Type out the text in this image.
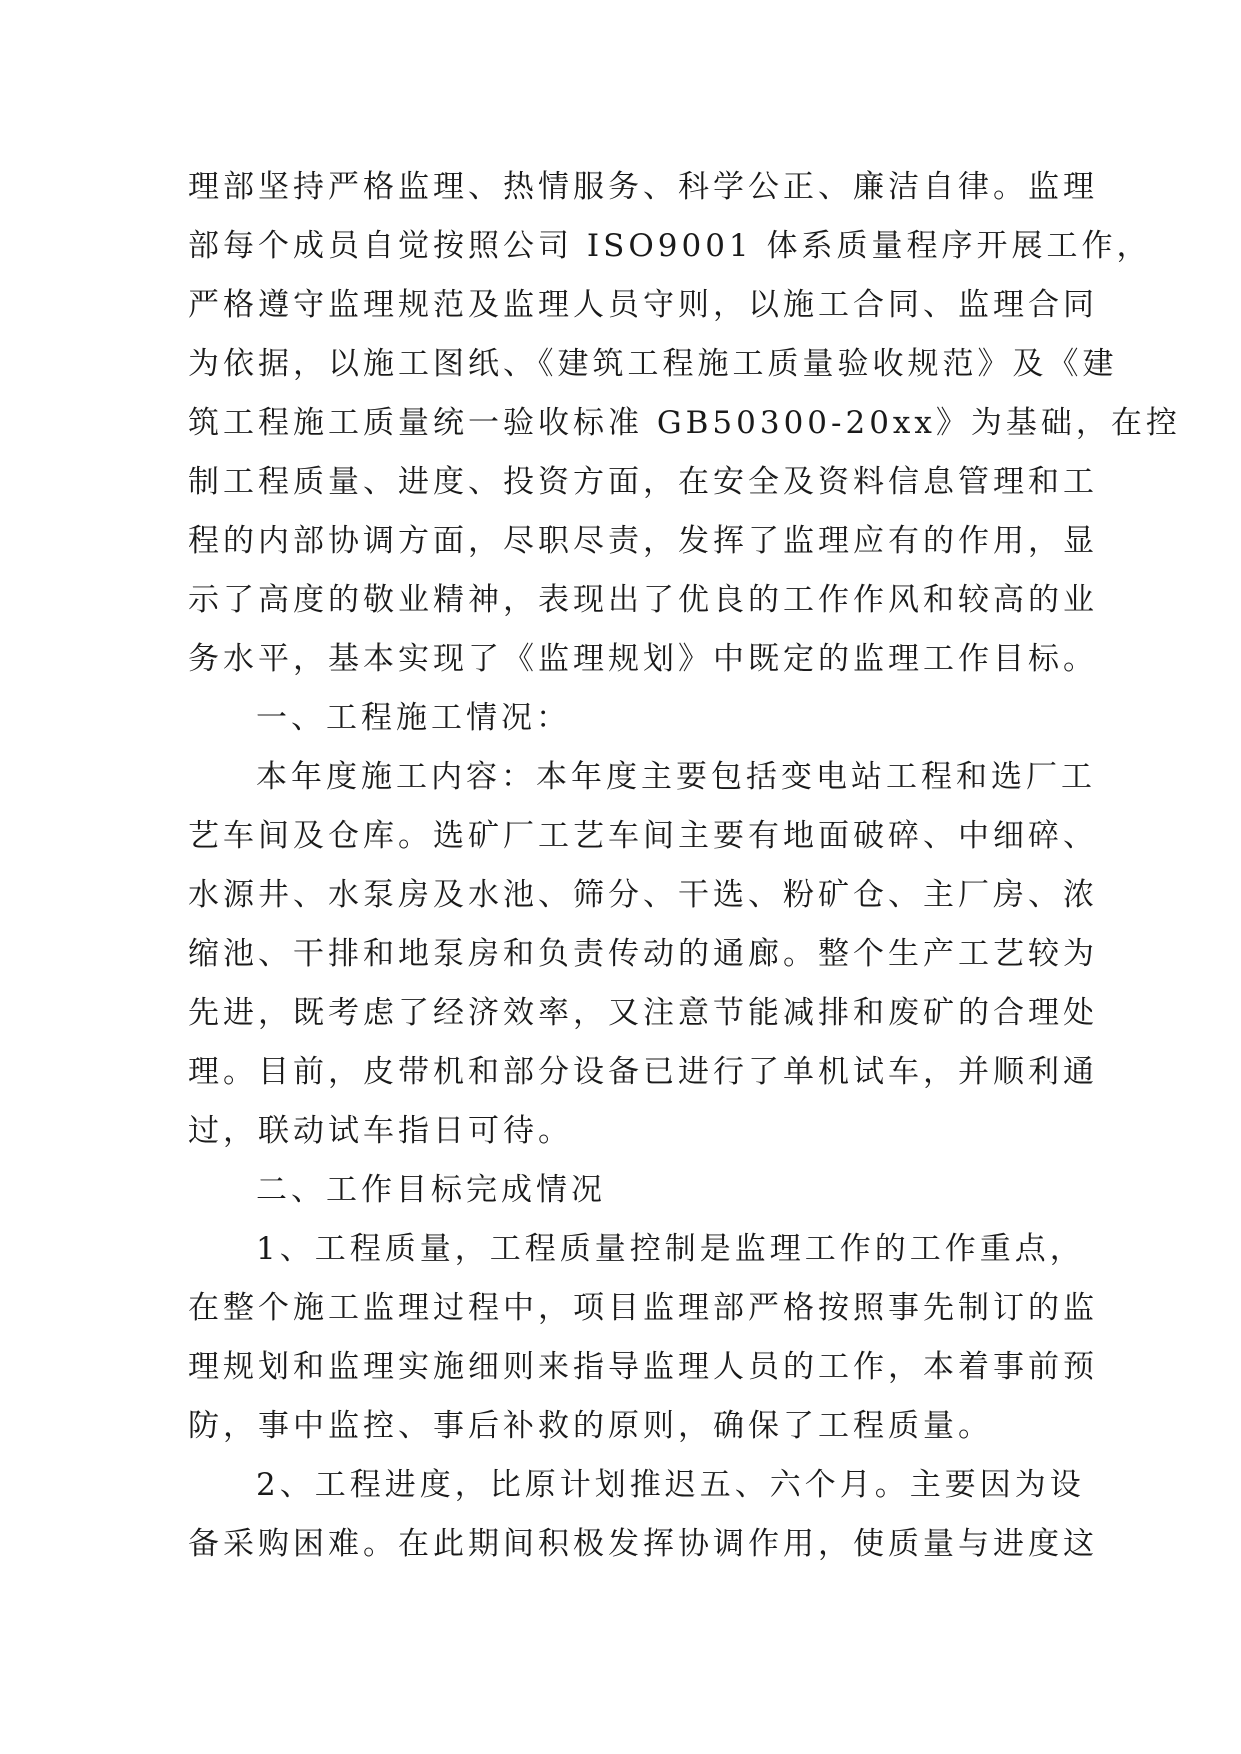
理部坚持严格监理、热情服务、科学公正、廉洁自律。监理
部每个成员自觉按照公司 ISO9001 体系质量程序开展工作，
严格遵守监理规范及监理人员守则，以施工合同、监理合同
为依据，以施工图纸、《建筑工程施工质量验收规范》及《建
筑工程施工质量统一验收标准 GB50300-20xx》为基础，在控
制工程质量、进度、投资方面，在安全及资料信息管理和工
程的内部协调方面，尽职尽责，发挥了监理应有的作用，显
示了高度的敬业精神，表现出了优良的工作作风和较高的业
务水平，基本实现了《监理规划》中既定的监理工作目标。
一、工程施工情况：
本年度施工内容：本年度主要包括变电站工程和选厂工
艺车间及仓库。选矿厂工艺车间主要有地面破碎、中细碎、
水源井、水泵房及水池、筛分、干选、粉矿仓、主厂房、浓
缩池、干排和地泵房和负责传动的通廊。整个生产工艺较为
先进，既考虑了经济效率，又注意节能减排和废矿的合理处
理。目前，皮带机和部分设备已进行了单机试车，并顺利通
过，联动试车指日可待。
二、工作目标完成情况
1、工程质量，工程质量控制是监理工作的工作重点，
在整个施工监理过程中，项目监理部严格按照事先制订的监
理规划和监理实施细则来指导监理人员的工作，本着事前预
防，事中监控、事后补救的原则，确保了工程质量。
2、工程进度，比原计划推迟五、六个月。主要因为设
备采购困难。在此期间积极发挥协调作用，使质量与进度这
